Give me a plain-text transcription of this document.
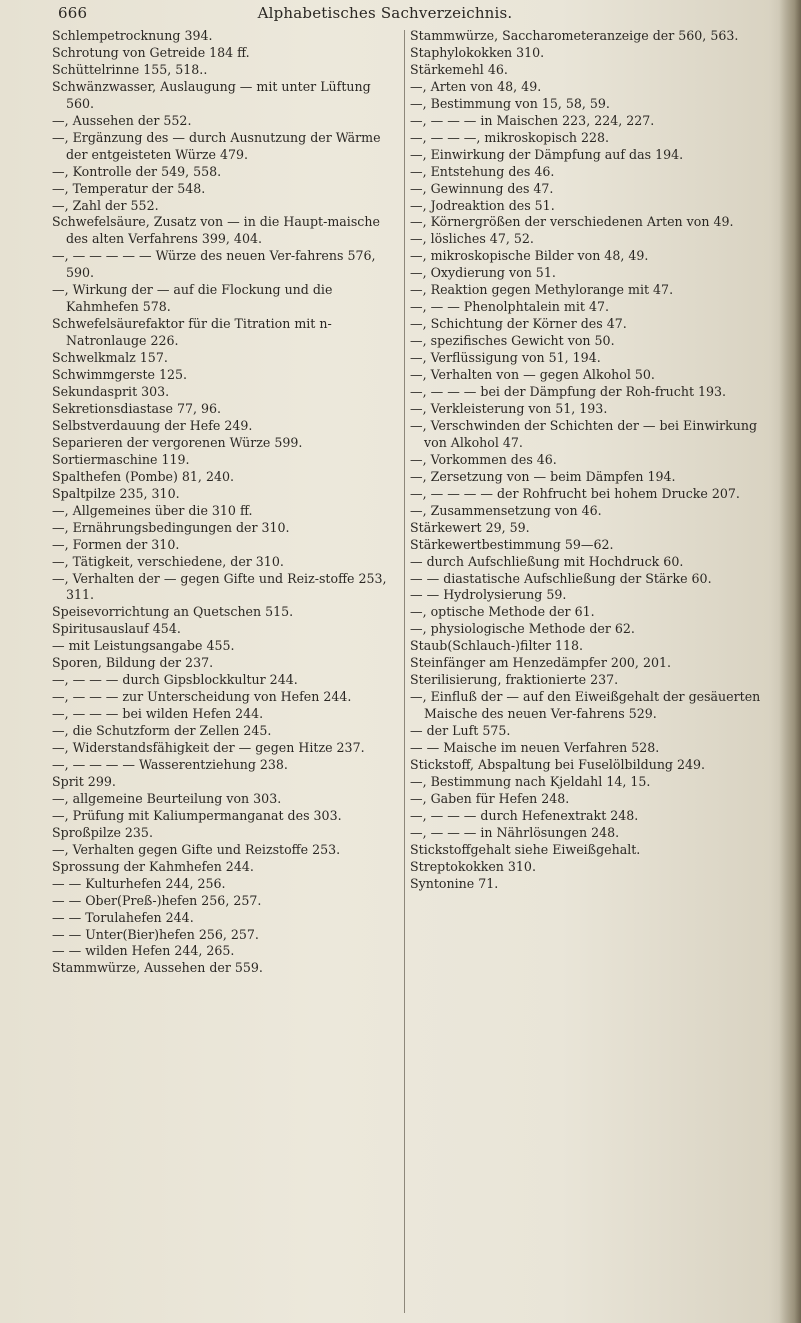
666	Alphabetisches Sachverzeichnis.

Schlempetrocknung 394.

Schrotung von Getreide 184 ff.

Schüttelrinne 155, 518..

Schwänzwasser, Auslaugung — mit unter Lüftung 560.

—, Aussehen der 552.

—, Ergänzung des — durch Ausnutzung der Wärme der entgeisteten Würze 479.

—, Kontrolle der 549, 558.

—, Temperatur der 548.

—, Zahl der 552.

Schwefelsäure, Zusatz von — in die Haupt-maische des alten Verfahrens 399, 404.

—, — — — — — Würze des neuen Ver-fahrens 576, 590.

—, Wirkung der — auf die Flockung und die Kahmhefen 578.

Schwefelsäurefaktor für die Titration mit n-Natronlauge 226.

Schwelkmalz 157.

Schwimmgerste 125.

Sekundasprit 303.

Sekretionsdiastase 77, 96.

Selbstverdauung der Hefe 249.

Separieren der vergorenen Würze 599.

Sortiermaschine 119.

Spalthefen (Pombe) 81, 240.

Spaltpilze 235, 310.

—, Allgemeines über die 310 ff.

—, Ernährungsbedingungen der 310.

—, Formen der 310.

—, Tätigkeit, verschiedene, der 310.

—, Verhalten der — gegen Gifte und Reiz-stoffe 253, 311.

Speisevorrichtung an Quetschen 515.

Spiritusauslauf 454.

— mit Leistungsangabe 455.

Sporen, Bildung der 237.

—, — — — durch Gipsblockkultur 244.

—, — — — zur Unterscheidung von Hefen 244.

—, — — — bei wilden Hefen 244.

—, die Schutzform der Zellen 245.

—, Widerstandsfähigkeit der — gegen Hitze 237.

—, — — — — Wasserentziehung 238.

Sprit 299.

—, allgemeine Beurteilung von 303.

—, Prüfung mit Kaliumpermanganat des 303.

Sproßpilze 235.

—, Verhalten gegen Gifte und Reizstoffe 253.

Sprossung der Kahmhefen 244.

— — Kulturhefen 244, 256.

— — Ober(Preß-)hefen 256, 257.

— — Torulahefen 244.

— — Unter(Bier)hefen 256, 257.

— — wilden Hefen 244, 265.

Stammwürze, Aussehen der 559.

Stammwürze, Saccharometeranzeige der 560, 563.

Staphylokokken 310.

Stärkemehl 46.

—, Arten von 48, 49.

—, Bestimmung von 15, 58, 59.

—, — — — in Maischen 223, 224, 227.

—, — — —, mikroskopisch 228.

—, Einwirkung der Dämpfung auf das 194.

—, Entstehung des 46.

—, Gewinnung des 47.

—, Jodreaktion des 51.

—, Körnergrößen der verschiedenen Arten von 49.

—, lösliches 47, 52.

—, mikroskopische Bilder von 48, 49.

—, Oxydierung von 51.

—, Reaktion gegen Methylorange mit 47.

—, — — Phenolphtalein mit 47.

—, Schichtung der Körner des 47.

—, spezifisches Gewicht von 50.

—, Verflüssigung von 51, 194.

—, Verhalten von — gegen Alkohol 50.

—, — — — bei der Dämpfung der Roh-frucht 193.

—, Verkleisterung von 51, 193.

—, Verschwinden der Schichten der — bei Einwirkung von Alkohol 47.

—, Vorkommen des 46.

—, Zersetzung von — beim Dämpfen 194.

—, — — — — der Rohfrucht bei hohem Drucke 207.

—, Zusammensetzung von 46.

Stärkewert 29, 59.

Stärkewertbestimmung 59—62.

— durch Aufschließung mit Hochdruck 60.

— — diastatische Aufschließung der Stärke 60.

— — Hydrolysierung 59.

—, optische Methode der 61.

—, physiologische Methode der 62.

Staub(Schlauch-)filter 118.

Steinfänger am Henzedämpfer 200, 201.

Sterilisierung, fraktionierte 237.

—, Einfluß der — auf den Eiweißgehalt der gesäuerten Maische des neuen Ver-fahrens 529.

— der Luft 575.

— — Maische im neuen Verfahren 528.

Stickstoff, Abspaltung bei Fuselölbildung 249.

—, Bestimmung nach Kjeldahl 14, 15.

—, Gaben für Hefen 248.

—, — — — durch Hefenextrakt 248.

—, — — — in Nährlösungen 248.

Stickstoffgehalt siehe Eiweißgehalt.

Streptokokken 310.

Syntonine 71.
